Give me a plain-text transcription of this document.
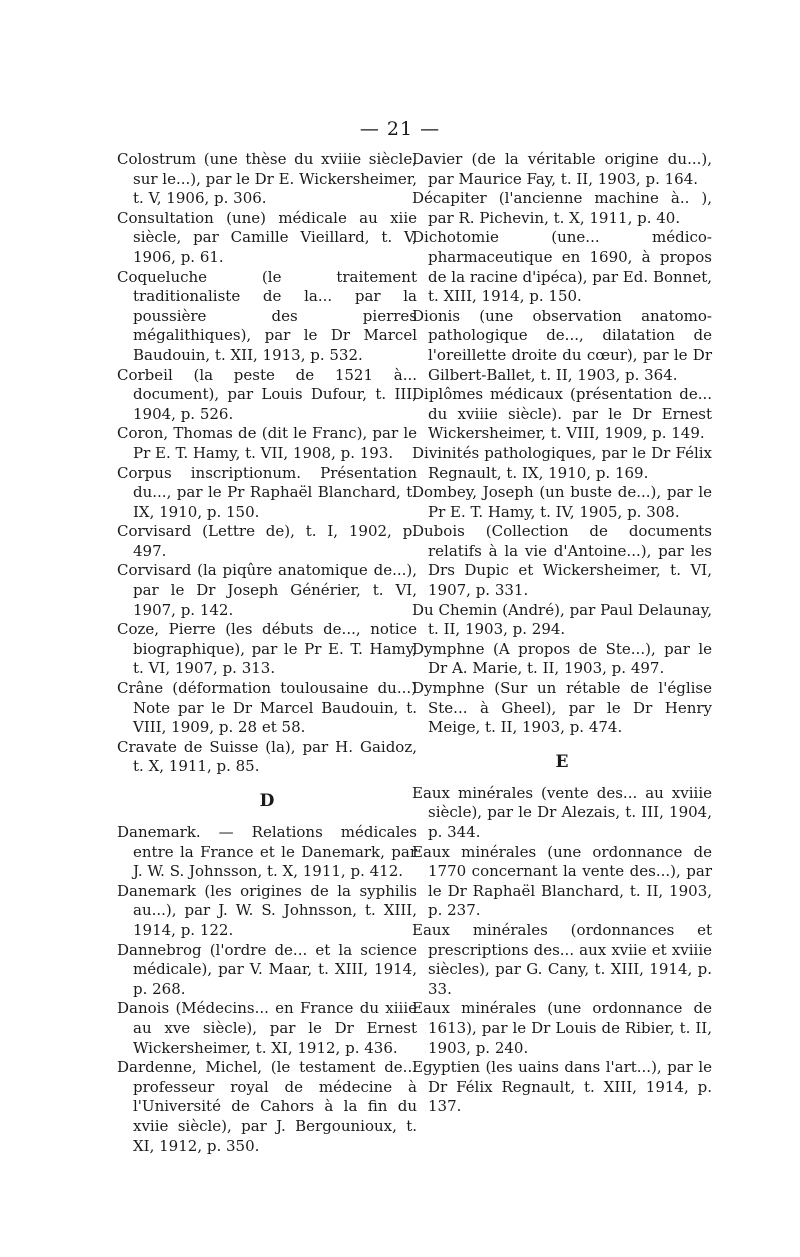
— 21 —

Colostrum (une thèse du xviiie siècle, sur le...), par le Dr E. Wickersheimer, t. V, 1906, p. 306.

Consultation (une) médicale au xiie siècle, par Camille Vieillard, t. V, 1906, p. 61.

Coqueluche (le traitement traditionaliste de la... par la poussière des pierres mégalithiques), par le Dr Marcel Baudouin, t. XII, 1913, p. 532.

Corbeil (la peste de 1521 à... document), par Louis Dufour, t. III, 1904, p. 526.

Coron, Thomas de (dit le Franc), par le Pr E. T. Hamy, t. VII, 1908, p. 193.

Corpus inscriptionum. Présentation du..., par le Pr Raphaël Blanchard, t. IX, 1910, p. 150.

Corvisard (Lettre de), t. I, 1902, p. 497.

Corvisard (la piqûre anatomique de...), par le Dr Joseph Générier, t. VI, 1907, p. 142.

Coze, Pierre (les débuts de..., notice biographique), par le Pr E. T. Hamy, t. VI, 1907, p. 313.

Crâne (déformation toulousaine du...) Note par le Dr Marcel Baudouin, t. VIII, 1909, p. 28 et 58.

Cravate de Suisse (la), par H. Gaidoz, t. X, 1911, p. 85.

D

Danemark. — Relations médicales entre la France et le Danemark, par J. W. S. Johnsson, t. X, 1911, p. 412.

Danemark (les origines de la syphilis au...), par J. W. S. Johnsson, t. XIII, 1914, p. 122.

Dannebrog (l'ordre de... et la science médicale), par V. Maar, t. XIII, 1914, p. 268.

Danois (Médecins... en France du xiiie au xve siècle), par le Dr Ernest Wickersheimer, t. XI, 1912, p. 436.

Dardenne, Michel, (le testament de... professeur royal de médecine à l'Université de Cahors à la fin du xviie siècle), par J. Bergounioux, t. XI, 1912, p. 350.

Davier (de la véritable origine du...), par Maurice Fay, t. II, 1903, p. 164.

Décapiter (l'ancienne machine à.. ), par R. Pichevin, t. X, 1911, p. 40.

Dichotomie (une... médico-pharmaceutique en 1690, à propos de la racine d'ipéca), par Ed. Bonnet, t. XIII, 1914, p. 150.

Dionis (une observation anatomo-pathologique de..., dilatation de l'oreillette droite du cœur), par le Dr Gilbert-Ballet, t. II, 1903, p. 364.

Diplômes médicaux (présentation de... du xviiie siècle). par le Dr Ernest Wickersheimer, t. VIII, 1909, p. 149.

Divinités pathologiques, par le Dr Félix Regnault, t. IX, 1910, p. 169.

Dombey, Joseph (un buste de...), par le Pr E. T. Hamy, t. IV, 1905, p. 308.

Dubois (Collection de documents relatifs à la vie d'Antoine...), par les Drs Dupic et Wickersheimer, t. VI, 1907, p. 331.

Du Chemin (André), par Paul Delaunay, t. II, 1903, p. 294.

Dymphne (A propos de Ste...), par le Dr A. Marie, t. II, 1903, p. 497.

Dymphne (Sur un rétable de l'église Ste... à Gheel), par le Dr Henry Meige, t. II, 1903, p. 474.

E

Eaux minérales (vente des... au xviiie siècle), par le Dr Alezais, t. III, 1904, p. 344.

Eaux minérales (une ordonnance de 1770 concernant la vente des...), par le Dr Raphaël Blanchard, t. II, 1903, p. 237.

Eaux minérales (ordonnances et prescriptions des... aux xviie et xviiie siècles), par G. Cany, t. XIII, 1914, p. 33.

Eaux minérales (une ordonnance de 1613), par le Dr Louis de Ribier, t. II, 1903, p. 240.

Egyptien (les uains dans l'art...), par le Dr Félix Regnault, t. XIII, 1914, p. 137.
